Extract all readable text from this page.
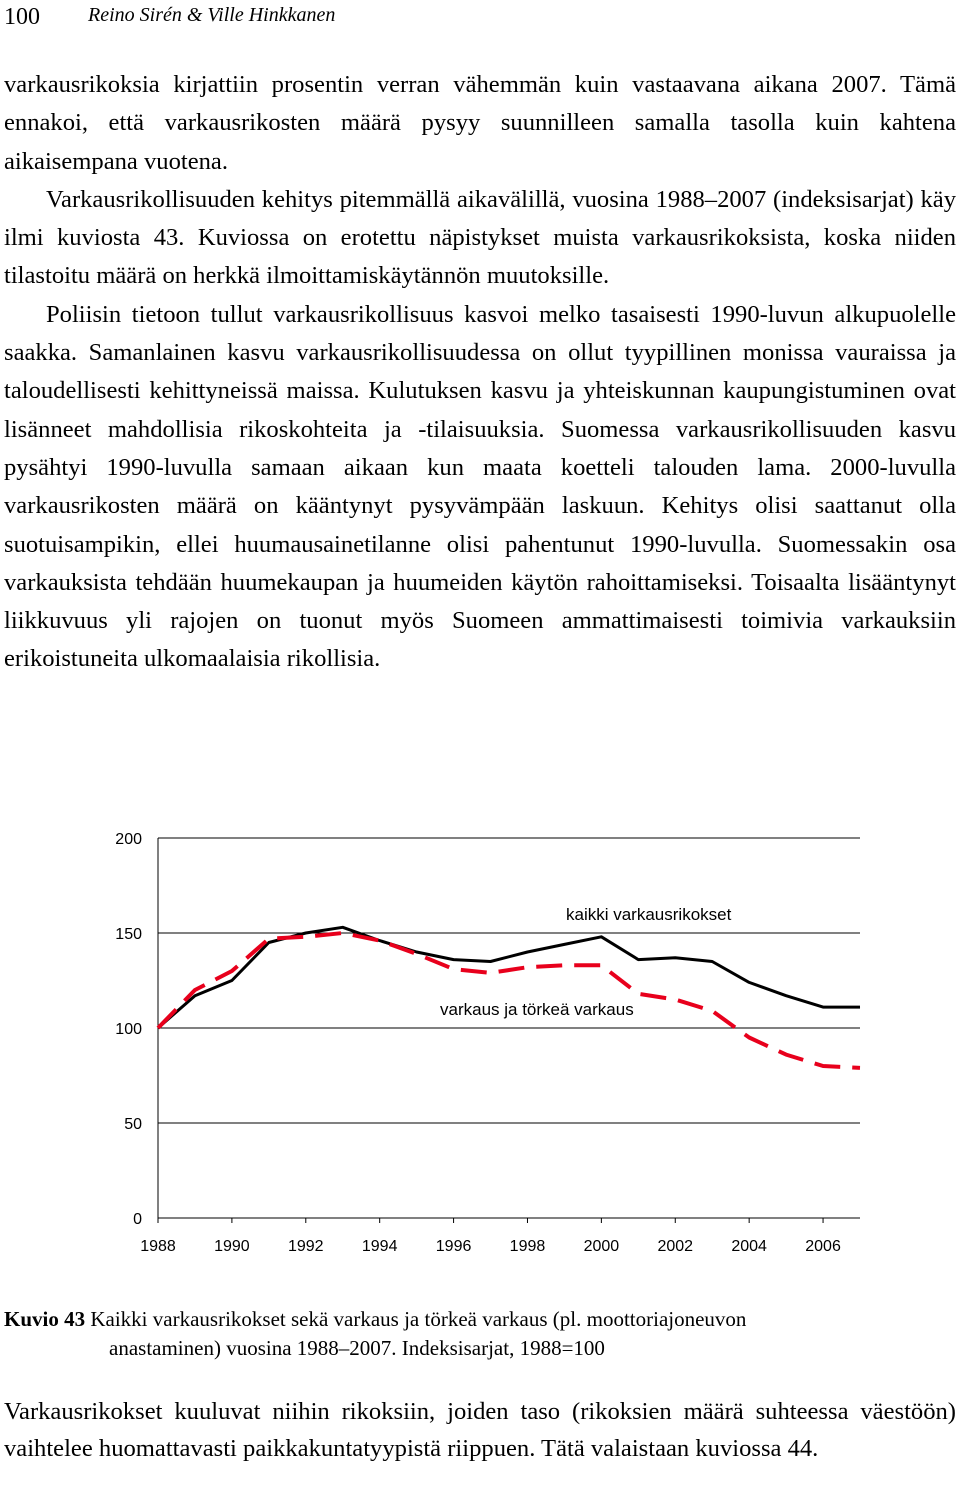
100 Reino Sirén & Ville Hinkkanen

varkausrikoksia kirjattiin prosentin verran vähemmän kuin vastaavana aikana 2007. Tämä ennakoi, että varkausrikosten määrä pysyy suunnilleen samalla tasolla kuin kahtena aikaisempana vuotena.

Varkausrikollisuuden kehitys pitemmällä aikavälillä, vuosina 1988–2007 (indeksisarjat) käy ilmi kuviosta 43. Kuviossa on erotettu näpistykset muista varkausrikoksista, koska niiden tilastoitu määrä on herkkä ilmoittamiskäytännön muutoksille.

Poliisin tietoon tullut varkausrikollisuus kasvoi melko tasaisesti 1990-luvun alkupuolelle saakka. Samanlainen kasvu varkausrikollisuudessa on ollut tyypillinen monissa vauraissa ja taloudellisesti kehittyneissä maissa. Kulutuksen kasvu ja yhteiskunnan kaupungistuminen ovat lisänneet mahdollisia rikoskohteita ja -tilaisuuksia. Suomessa varkausrikollisuuden kasvu pysähtyi 1990-luvulla samaan aikaan kun maata koetteli talouden lama. 2000-luvulla varkausrikosten määrä on kääntynyt pysyvämpään laskuun. Kehitys olisi saattanut olla suotuisampikin, ellei huumausainetilanne olisi pahentunut 1990-luvulla. Suomessakin osa varkauksista tehdään huumekaupan ja huumeiden käytön rahoittamiseksi. Toisaalta lisääntynyt liikkuvuus yli rajojen on tuonut myös Suomeen ammattimaisesti toimivia varkauksiin erikoistuneita ulkomaalaisia rikollisia.

0
50
100
150
200
1988 1990 1992 1994 1996 1998 2000 2002 2004 2006
kaikki varkausrikokset
varkaus ja törkeä varkaus
Kuvio 43 Kaikki varkausrikokset sekä varkaus ja törkeä varkaus (pl. moottoriajoneuvon
anastaminen) vuosina 1988–2007. Indeksisarjat, 1988=100

Varkausrikokset kuuluvat niihin rikoksiin, joiden taso (rikoksien määrä suhteessa väestöön) vaihtelee huomattavasti paikkakuntatyypistä riippuen. Tätä valaistaan kuviossa 44.
